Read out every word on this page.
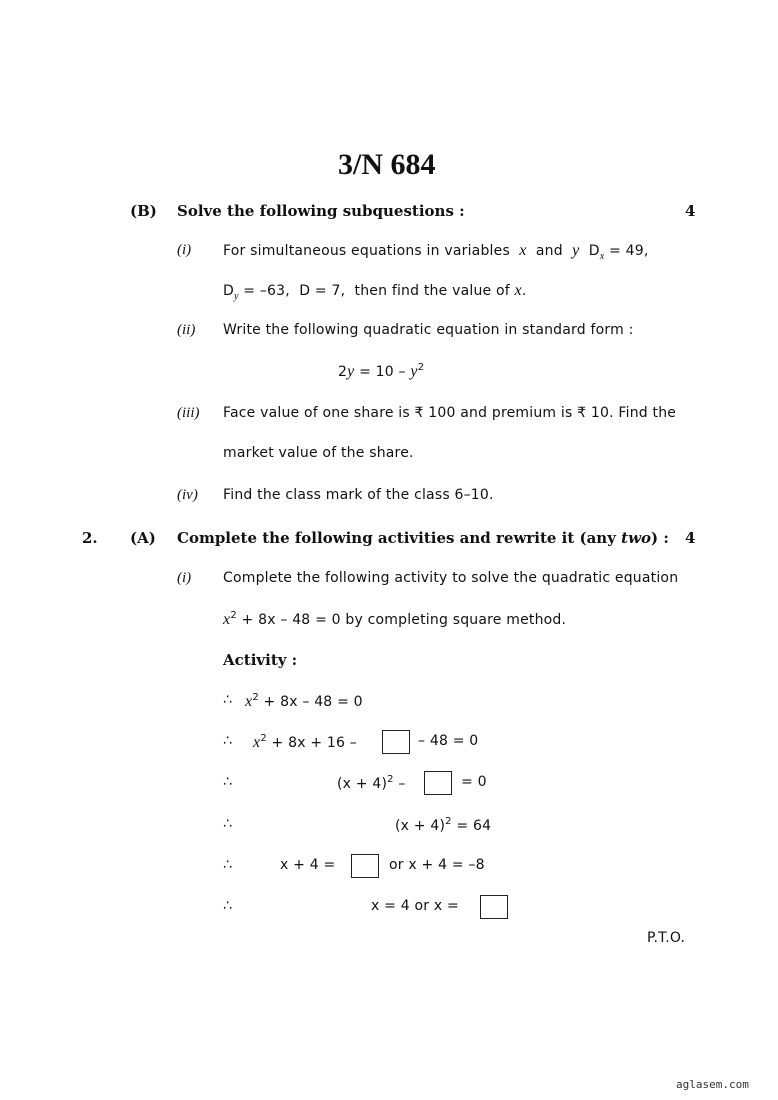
3/N 684
(B) Solve the following subquestions :	4
(i) For simultaneous equations in variables x and y  $D_x = 49$,
$D_y = -63$, D = 7, then find the value of x.
(ii) Write the following quadratic equation in standard form :
$2y = 10 - y^2$
(iii) Face value of one share is ₹ 100 and premium is ₹ 10. Find the
market value of the share.
(iv) Find the class mark of the class 6–10.
2. (A) Complete the following activities and rewrite it (any two) : 4
(i) Complete the following activity to solve the quadratic equation
$x^2 + 8x - 48 = 0$ by completing square method.
Activity :
∴ $x^2 + 8x - 48 = 0$
∴ $x^2 + 8x + 16$ –	– 48 = 0
∴	$(x + 4)^2$ –	= 0
∴	$(x + 4)^2 = 64$
∴	x + 4 =	or x + 4 = –8
∴	x = 4 or x =
P.T.O.
aglasem.com
